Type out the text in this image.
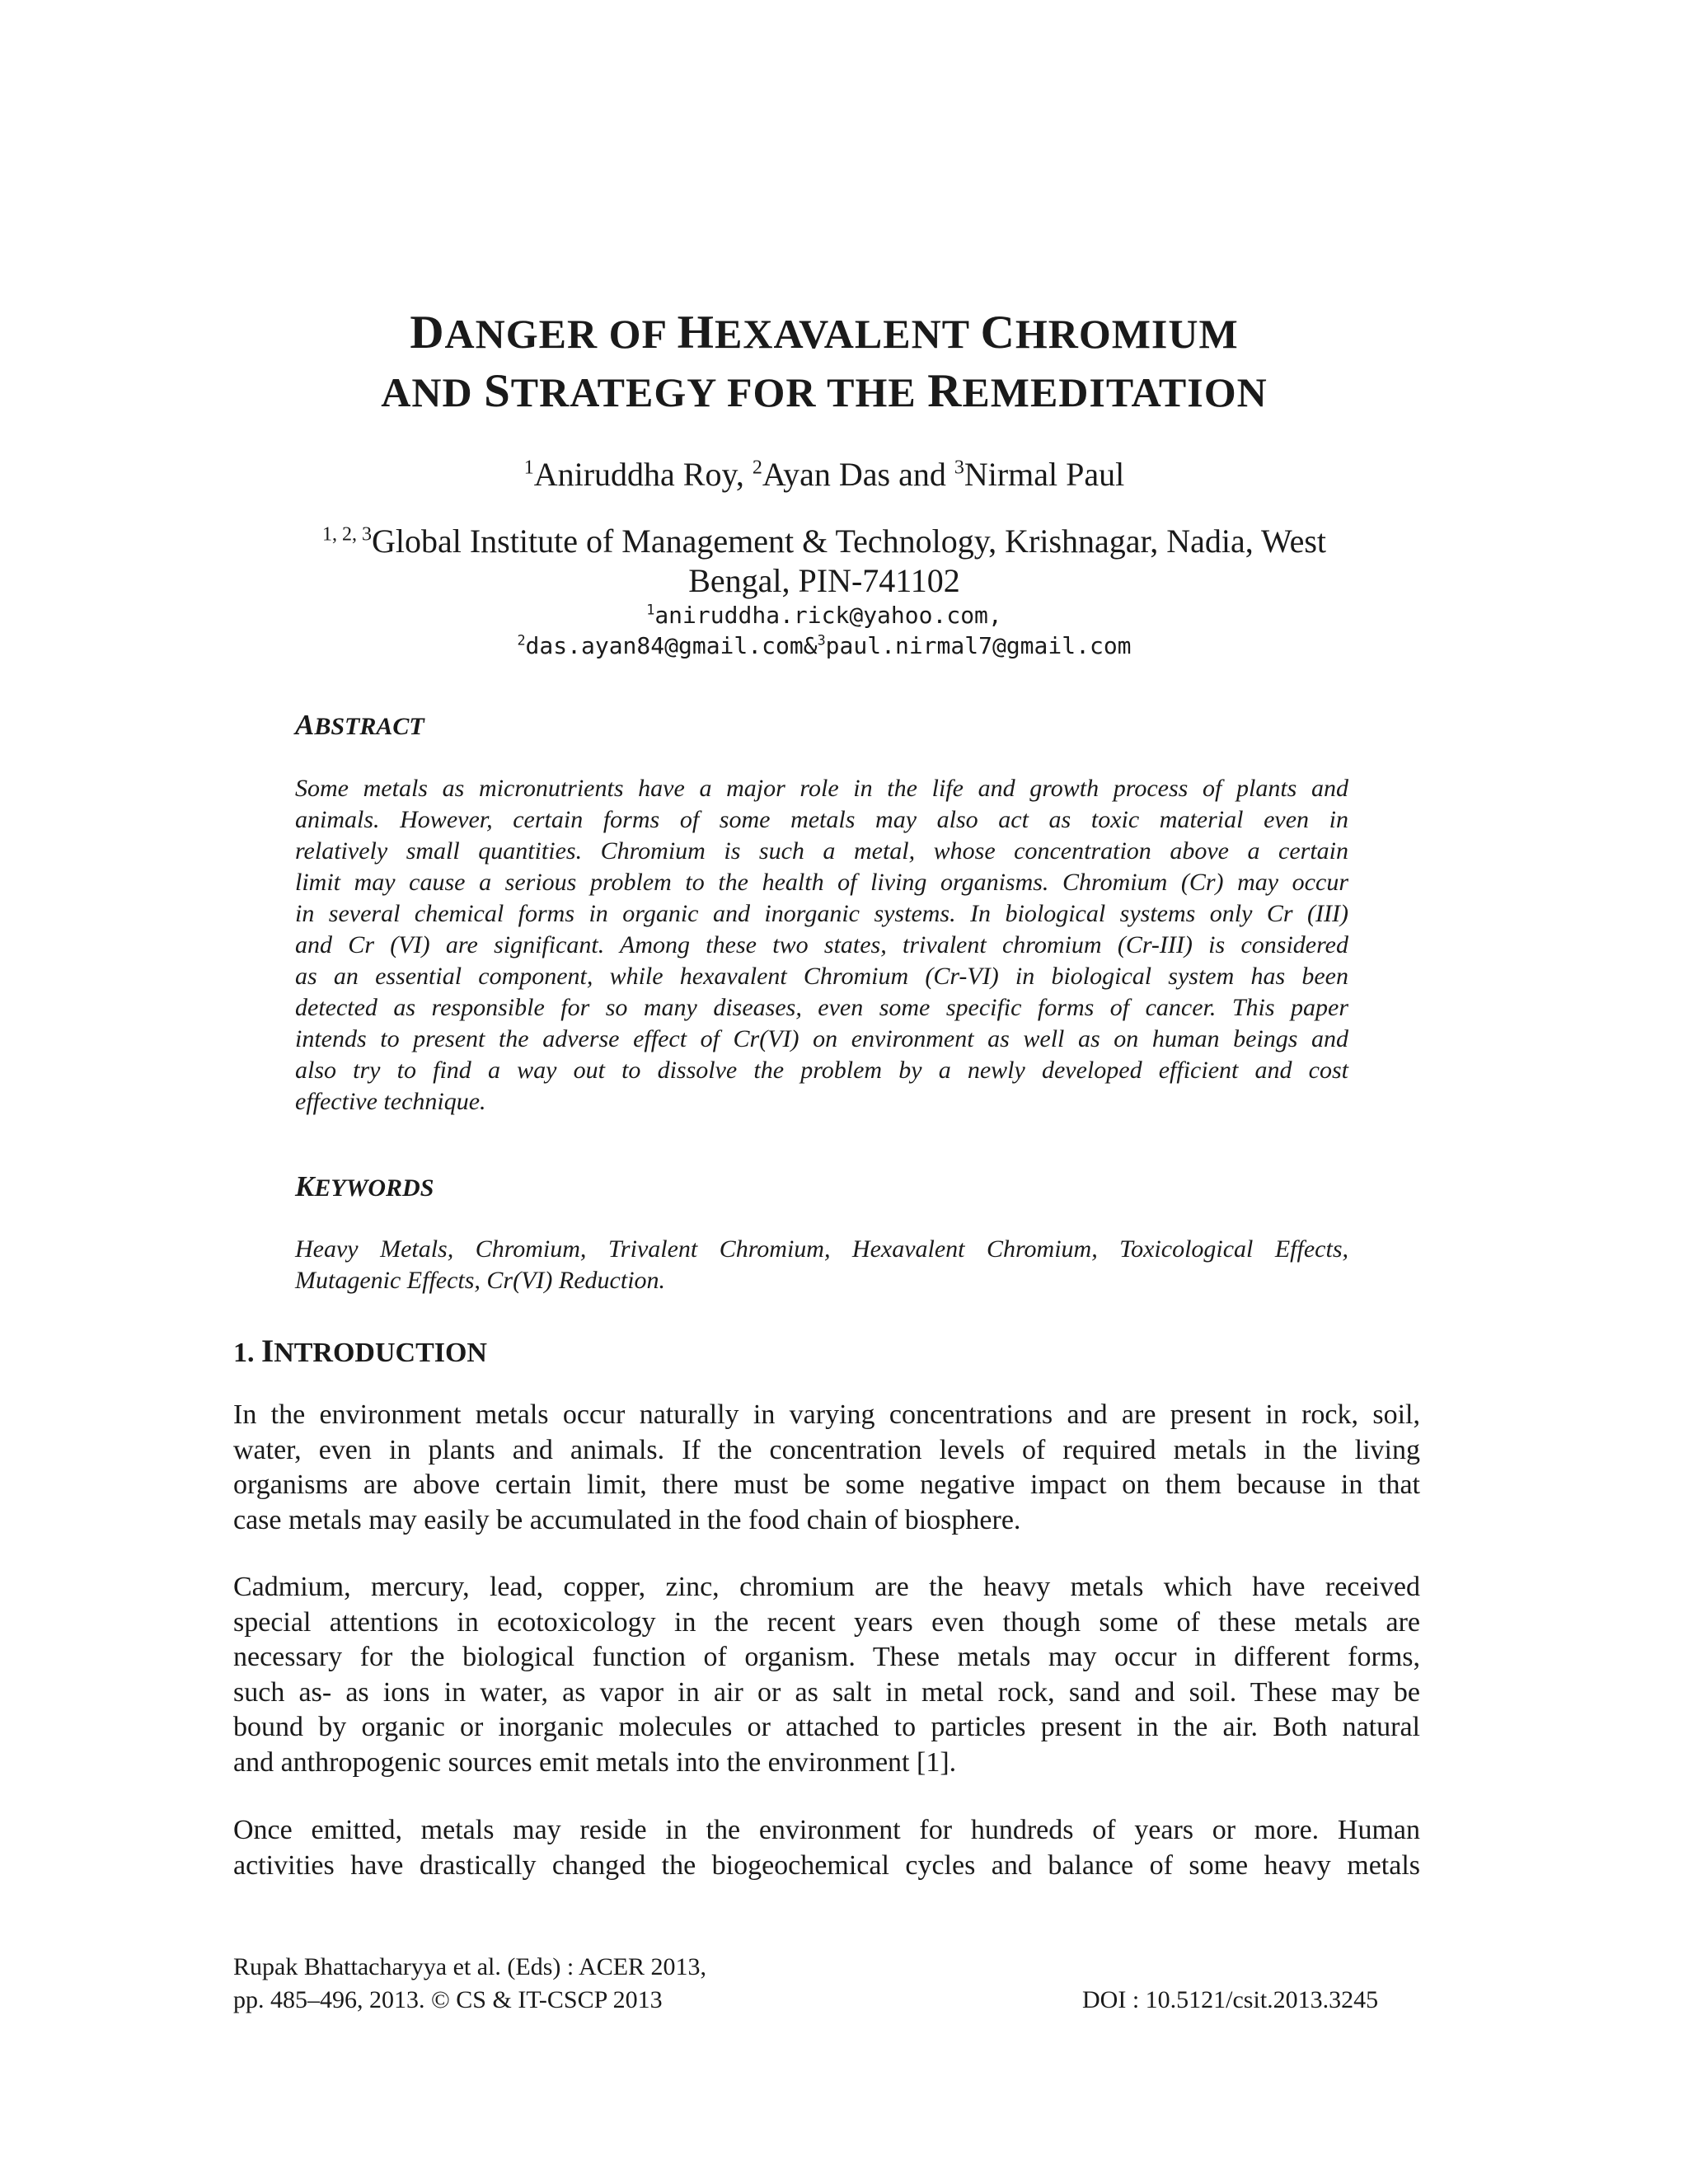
DANGER OF HEXAVALENT CHROMIUM
AND STRATEGY FOR THE REMEDITATION
$^1$Aniruddha Roy, $^2$Ayan Das and $^3$Nirmal Paul
$^{1, 2, 3}$Global Institute of Management & Technology, Krishnagar, Nadia, West
Bengal, PIN-741102
$^1$aniruddha.rick@yahoo.com,
$^2$das.ayan84@gmail.com&$^3$paul.nirmal7@gmail.com
ABSTRACT
Some metals as micronutrients have a major role in the life and growth process of plants and
animals. However, certain forms of some metals may also act as toxic material even in
relatively small quantities. Chromium is such a metal, whose concentration above a certain
limit may cause a serious problem to the health of living organisms. Chromium (Cr) may occur
in several chemical forms in organic and inorganic systems. In biological systems only Cr (III)
and Cr (VI) are significant. Among these two states, trivalent chromium (Cr-III) is considered
as an essential component, while hexavalent Chromium (Cr-VI) in biological system has been
detected as responsible for so many diseases, even some specific forms of cancer. This paper
intends to present the adverse effect of Cr(VI) on environment as well as on human beings and
also try to find a way out to dissolve the problem by a newly developed efficient and cost
effective technique.
KEYWORDS
Heavy Metals, Chromium, Trivalent Chromium, Hexavalent Chromium, Toxicological Effects,
Mutagenic Effects, Cr(VI) Reduction.
1. INTRODUCTION
In the environment metals occur naturally in varying concentrations and are present in rock, soil,
water, even in plants and animals. If the concentration levels of required metals in the living
organisms are above certain limit, there must be some negative impact on them because in that
case metals may easily be accumulated in the food chain of biosphere.
Cadmium, mercury, lead, copper, zinc, chromium are the heavy metals which have received
special attentions in ecotoxicology in the recent years even though some of these metals are
necessary for the biological function of organism. These metals may occur in different forms,
such as- as ions in water, as vapor in air or as salt in metal rock, sand and soil. These may be
bound by organic or inorganic molecules or attached to particles present in the air. Both natural
and anthropogenic sources emit metals into the environment [1].
Once emitted, metals may reside in the environment for hundreds of years or more. Human
activities have drastically changed the biogeochemical cycles and balance of some heavy metals
Rupak Bhattacharyya et al. (Eds) : ACER 2013,
pp. 485–496, 2013. © CS & IT-CSCP 2013	DOI : 10.5121/csit.2013.3245
